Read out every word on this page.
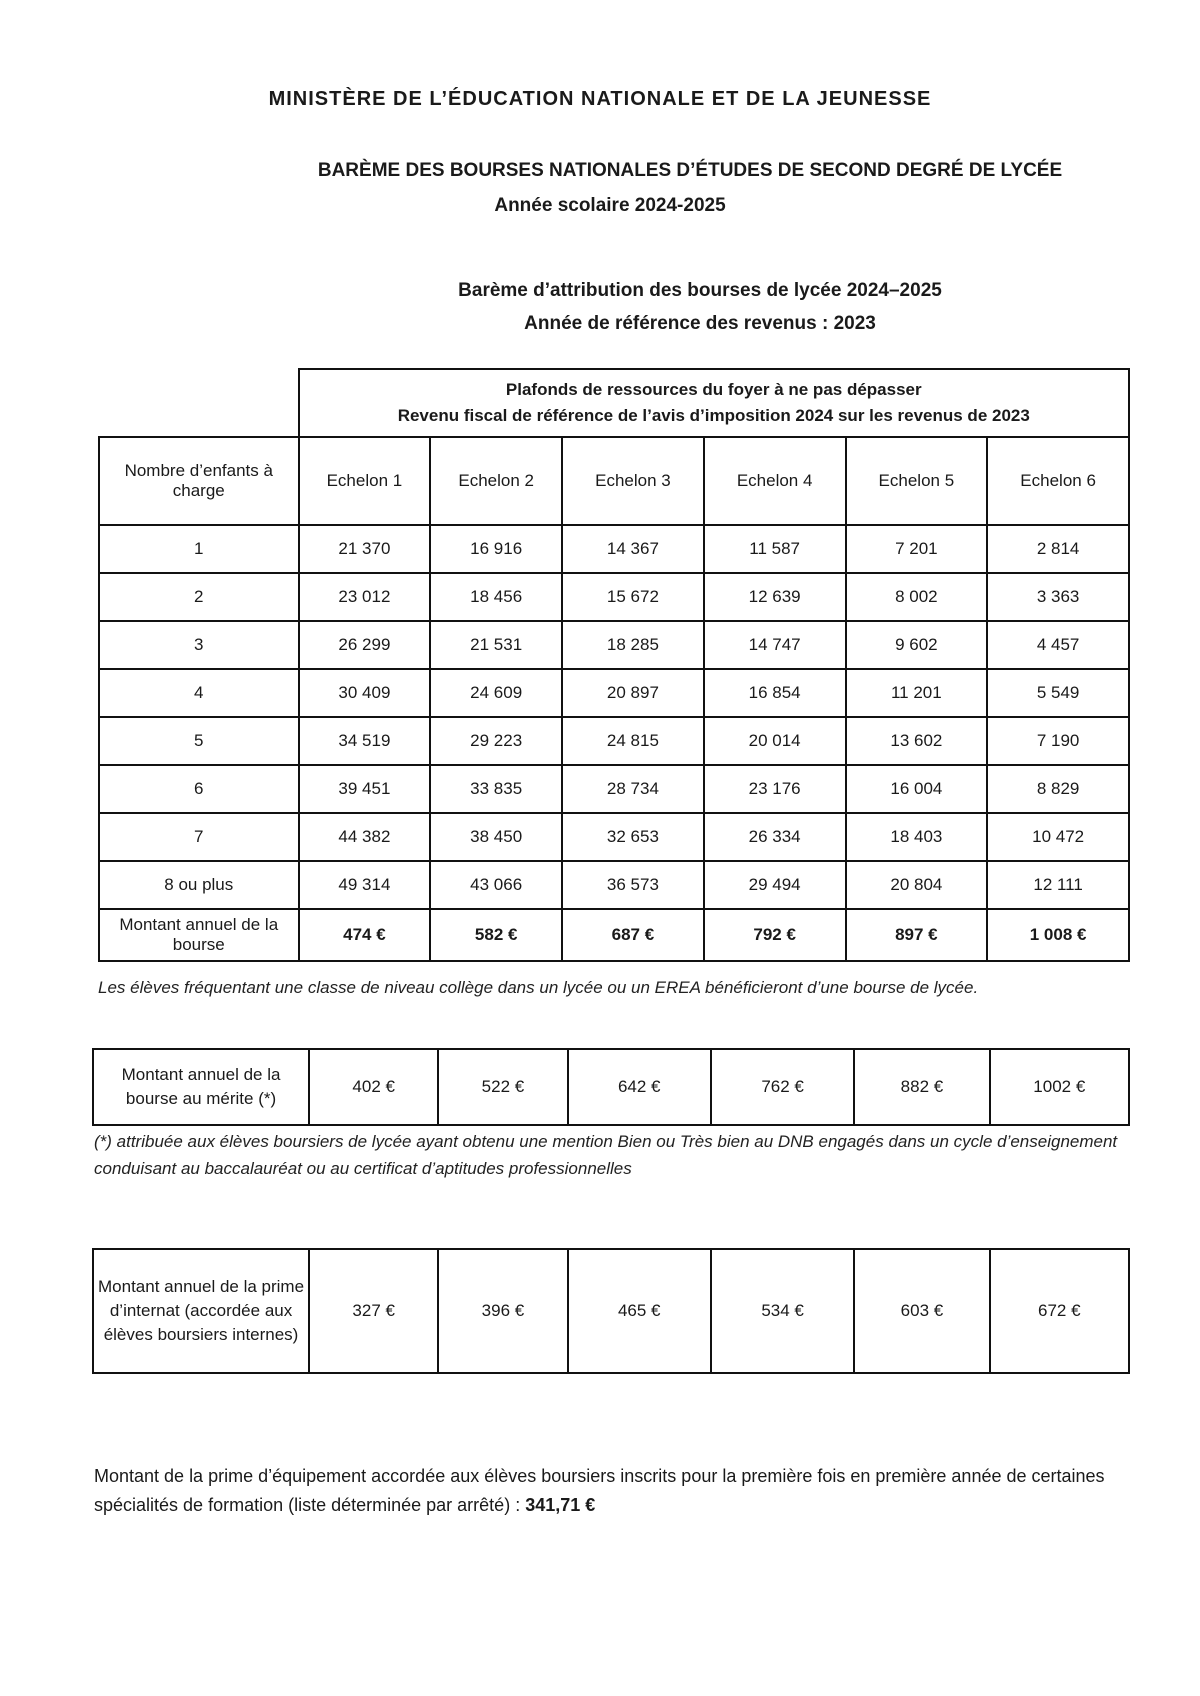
MINISTÈRE DE L’ÉDUCATION NATIONALE ET DE LA JEUNESSE
BARÈME DES BOURSES NATIONALES D’ÉTUDES DE SECOND DEGRÉ DE LYCÉE
Année scolaire 2024-2025
Barème d’attribution des bourses de lycée 2024–2025
Année de référence des revenus : 2023

	Plafonds de ressources du foyer à ne pas dépasser
Revenu fiscal de référence de l’avis d’imposition 2024 sur les revenus de 2023					

Nombre d’enfants à charge	Echelon 1	Echelon 2	Echelon 3	Echelon 4	Echelon 5	Echelon 6
1	21 370	16 916	14 367	11 587	7 201	2 814
2	23 012	18 456	15 672	12 639	8 002	3 363
3	26 299	21 531	18 285	14 747	9 602	4 457
4	30 409	24 609	20 897	16 854	11 201	5 549
5	34 519	29 223	24 815	20 014	13 602	7 190
6	39 451	33 835	28 734	23 176	16 004	8 829
7	44 382	38 450	32 653	26 334	18 403	10 472
8 ou plus	49 314	43 066	36 573	29 494	20 804	12 111
Montant annuel de la bourse	474 €	582 €	687 €	792 €	897 €	1 008 €
Les élèves fréquentant une classe de niveau collège dans un lycée ou un EREA bénéficieront d’une bourse de lycée.
Montant annuel de la bourse au mérite (*)	402 €	522 €	642 €	762 €	882 €	1002 €
(*) attribuée aux élèves boursiers de lycée ayant obtenu une mention Bien ou Très bien au DNB engagés dans un cycle d’enseignement conduisant au baccalauréat ou au certificat d’aptitudes professionnelles
Montant annuel de la prime d’internat (accordée aux élèves boursiers internes)	327 €	396 €	465 €	534 €	603 €	672 €
Montant de la prime d’équipement accordée aux élèves boursiers inscrits pour la première fois en première année de certaines spécialités de formation (liste déterminée par arrêté) : 341,71 €
